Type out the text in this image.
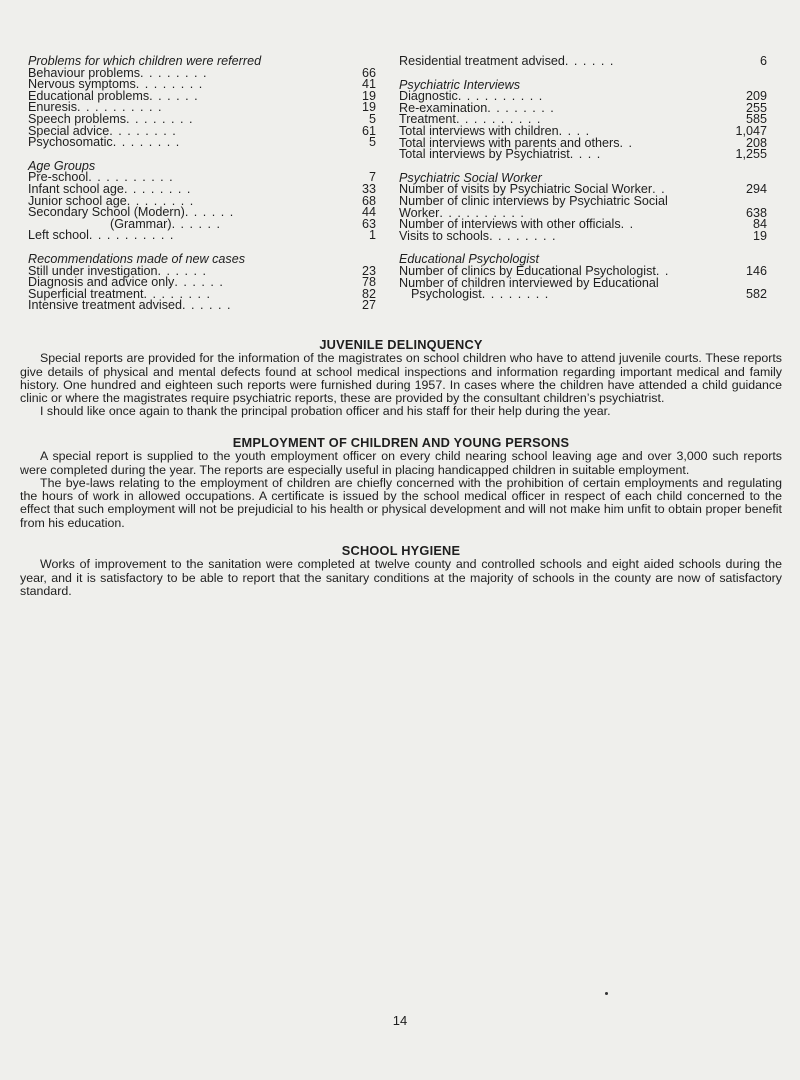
Problems for which children were referred
Behaviour problems. . . . . . . .	66
Nervous symptoms. . . . . . . .	41
Educational problems. . . . . .	19
Enuresis. . . . . . . . . .	19
Speech problems. . . . . . . .	5
Special advice. . . . . . . .	61
Psychosomatic. . . . . . . .	5
Age Groups
Pre-school. . . . . . . . . .	7
Infant school age. . . . . . . .	33
Junior school age. . . . . . . .	68
Secondary School (Modern). . . . . .	44
(Grammar). . . . . .	63
Left school. . . . . . . . . .	1
Recommendations made of new cases
Still under investigation. . . . . .	23
Diagnosis and advice only. . . . . .	78
Superficial treatment. . . . . . . .	82
Intensive treatment advised. . . . . .	27
Residential treatment advised. . . . . .	6
Psychiatric Interviews
Diagnostic. . . . . . . . . .	209
Re-examination. . . . . . . .	255
Treatment. . . . . . . . . .	585
Total interviews with children. . . .	1,047
Total interviews with parents and others. .	208
Total interviews by Psychiatrist. . . .	1,255
Psychiatric Social Worker
Number of visits by Psychiatric Social Worker. .	294
Number of clinic interviews by Psychiatric Social
Worker. . . . . . . . . .	638
Number of interviews with other officials. .	84
Visits to schools. . . . . . . .	19
Educational Psychologist
Number of clinics by Educational Psychologist. .	146
Number of children interviewed by Educational
Psychologist. . . . . . . .	582
JUVENILE DELINQUENCY

Special reports are provided for the information of the magistrates on school children who have to attend juvenile courts. These reports give details of physical and mental defects found at school medical inspections and information regarding important medical and family history. One hundred and eighteen such reports were furnished during 1957. In cases where the children have attended a child guidance clinic or where the magistrates require psychiatric reports, these are provided by the consultant children’s psychiatrist.

I should like once again to thank the principal probation officer and his staff for their help during the year.

EMPLOYMENT OF CHILDREN AND YOUNG PERSONS

A special report is supplied to the youth employment officer on every child nearing school leaving age and over 3,000 such reports were completed during the year. The reports are especially useful in placing handicapped children in suitable employment.

The bye-laws relating to the employment of children are chiefly concerned with the prohibition of certain employments and regulating the hours of work in allowed occupations. A certificate is issued by the school medical officer in respect of each child concerned to the effect that such employment will not be prejudicial to his health or physical development and will not make him unfit to obtain proper benefit from his education.

SCHOOL HYGIENE

Works of improvement to the sanitation were completed at twelve county and controlled schools and eight aided schools during the year, and it is satisfactory to be able to report that the sanitary conditions at the majority of schools in the county are now of satisfactory standard.

14
